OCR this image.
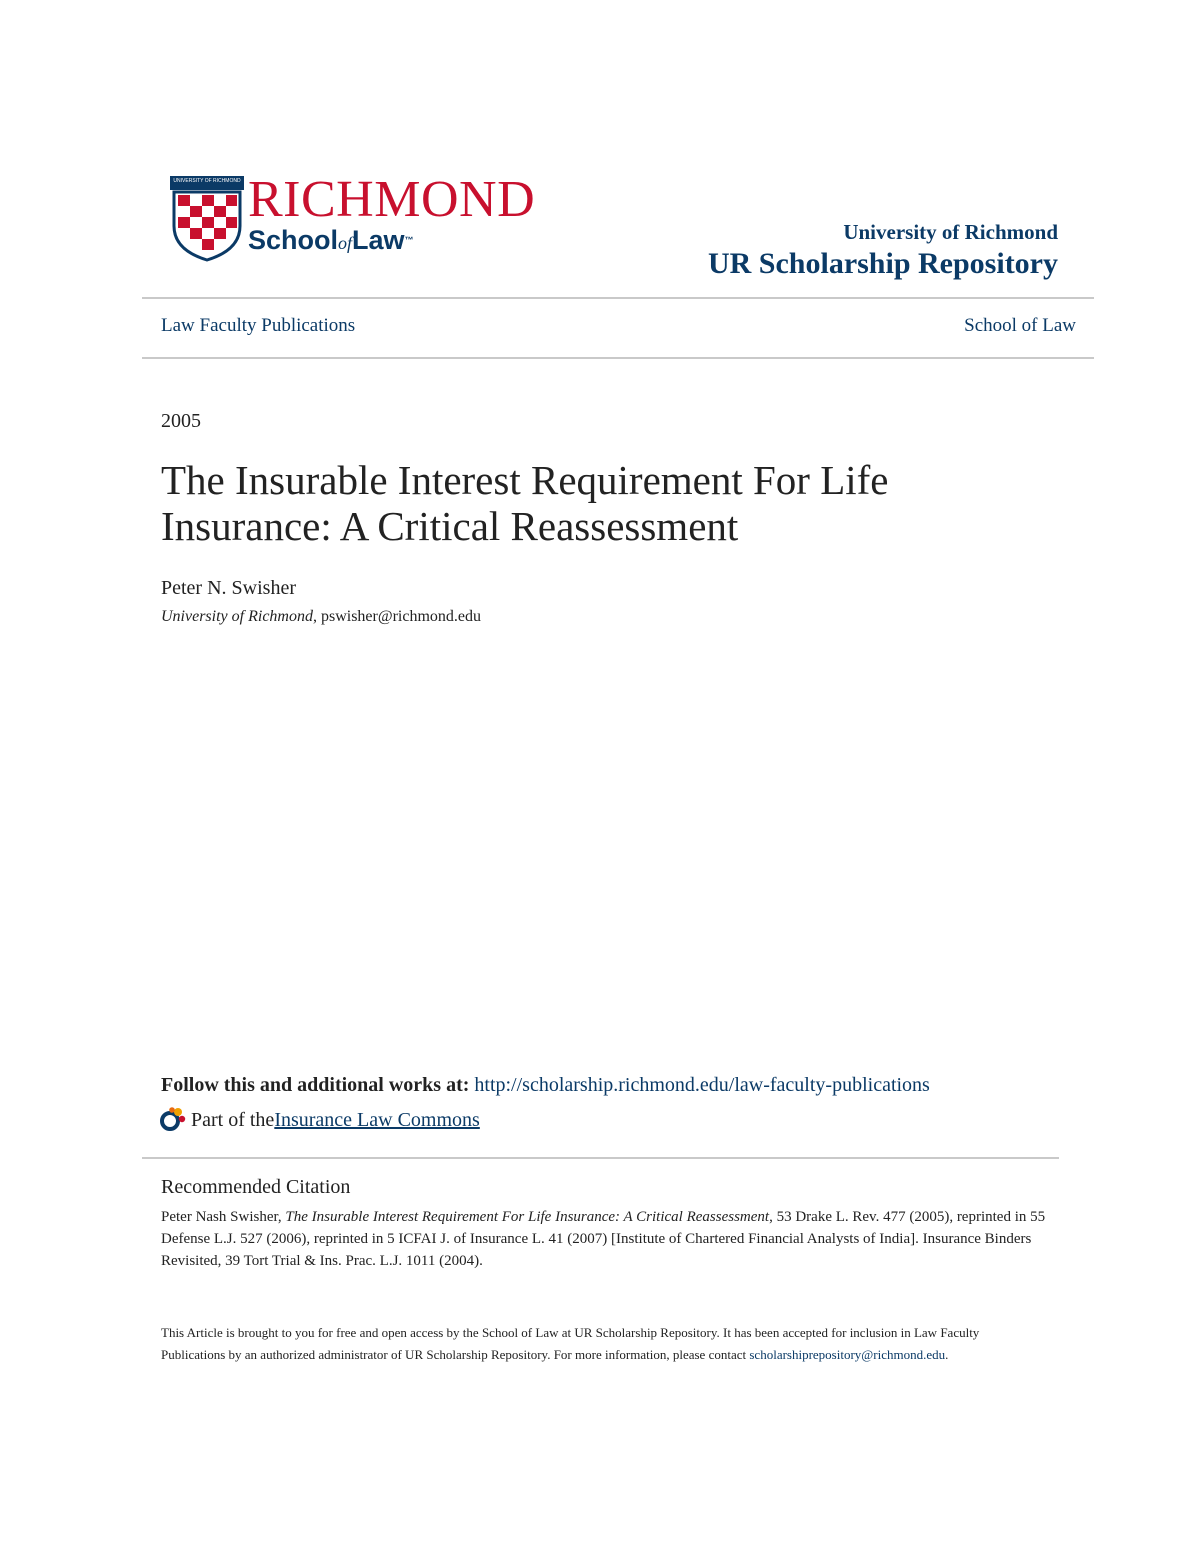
UNIVERSITY OF RICHMOND RICHMOND
SchoolofLaw™	University of Richmond
UR Scholarship Repository
Law Faculty Publications	School of Law
2005
The Insurable Interest Requirement For Life Insurance: A Critical Reassessment
Peter N. Swisher
University of Richmond, pswisher@richmond.edu
Follow this and additional works at: http://scholarship.richmond.edu/law-faculty-publications
Part of the Insurance Law Commons
Recommended Citation
Peter Nash Swisher, The Insurable Interest Requirement For Life Insurance: A Critical Reassessment, 53 Drake L. Rev. 477 (2005), reprinted in 55 Defense L.J. 527 (2006), reprinted in 5 ICFAI J. of Insurance L. 41 (2007) [Institute of Chartered Financial Analysts of India]. Insurance Binders Revisited, 39 Tort Trial & Ins. Prac. L.J. 1011 (2004).
This Article is brought to you for free and open access by the School of Law at UR Scholarship Repository. It has been accepted for inclusion in Law Faculty Publications by an authorized administrator of UR Scholarship Repository. For more information, please contact scholarshiprepository@richmond.edu.
